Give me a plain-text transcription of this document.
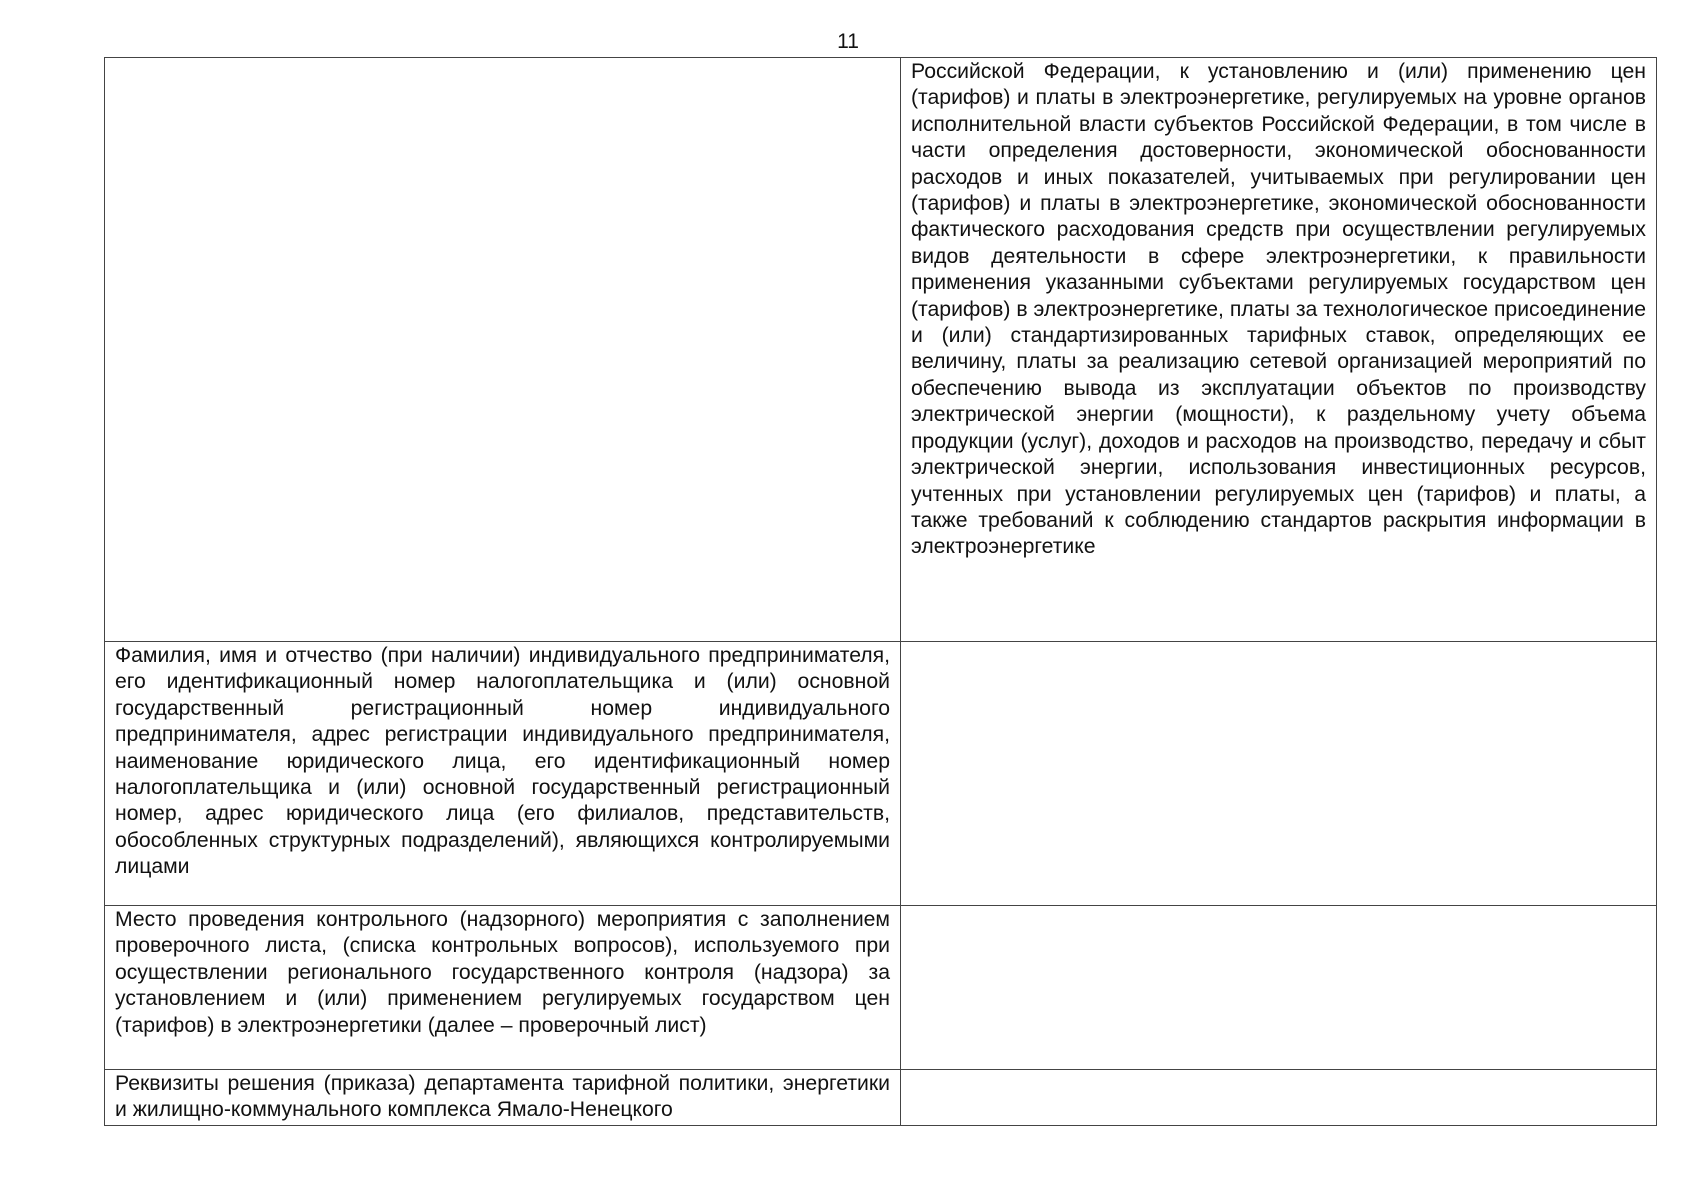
11
	Российской Федерации, к установлению и (или) применению цен (тарифов) и платы в электроэнергетике, регулируемых на уровне органов исполнительной власти субъектов Российской Федерации, в том числе в части определения достоверности, экономической обоснованности расходов и иных показателей, учитываемых при регулировании цен (тарифов) и платы в электроэнергетике, экономической обоснованности фактического расходования средств при осуществлении регулируемых видов деятельности в сфере электроэнергетики, к правильности применения указанными субъектами регулируемых государством цен (тарифов) в электроэнергетике, платы за технологическое присоединение и (или) стандартизированных тарифных ставок, определяющих ее величину, платы за реализацию сетевой организацией мероприятий по обеспечению вывода из эксплуатации объектов по производству электрической энергии (мощности), к раздельному учету объема продукции (услуг), доходов и расходов на производство, передачу и сбыт электрической энергии, использования инвестиционных ресурсов, учтенных при установлении регулируемых цен (тарифов) и платы, а также требований к соблюдению стандартов раскрытия информации в электроэнергетике
Фамилия, имя и отчество (при наличии) индивидуального предпринимателя, его идентификационный номер налогоплательщика и (или) основной государственный регистрационный номер индивидуального предпринимателя, адрес регистрации индивидуального предпринимателя, наименование юридического лица, его идентификационный номер налогоплательщика и (или) основной государственный регистрационный номер, адрес юридического лица (его филиалов, представительств, обособленных структурных подразделений), являющихся контролируемыми лицами	
Место проведения контрольного (надзорного) мероприятия с заполнением проверочного листа, (списка контрольных вопросов), используемого при осуществлении регионального государственного контроля (надзора) за установлением и (или) применением регулируемых государством цен (тарифов) в электроэнергетики (далее – проверочный лист)	
Реквизиты решения (приказа) департамента тарифной политики, энергетики и жилищно-коммунального комплекса Ямало-Ненецкого	
